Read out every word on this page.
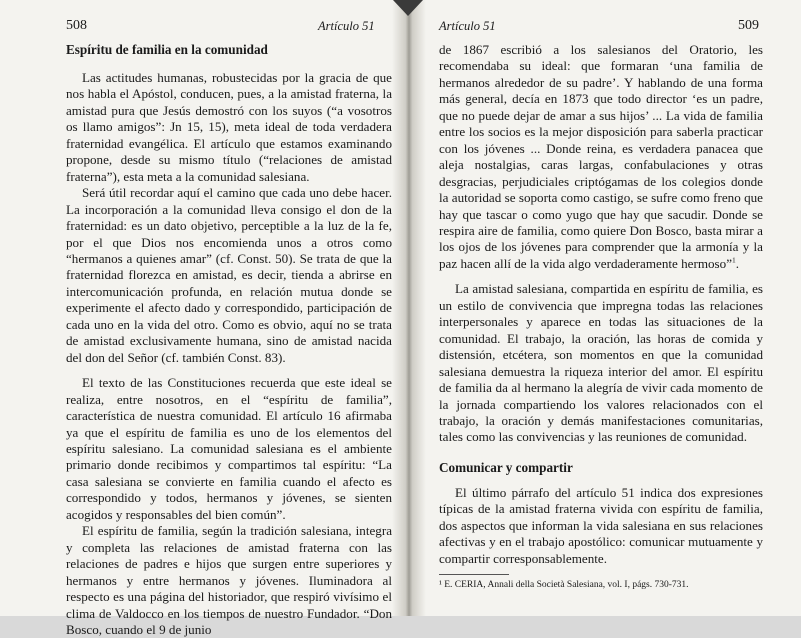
508	Artículo 51
Espíritu de familia en la comunidad

Las actitudes humanas, robustecidas por la gracia de que nos habla el Apóstol, conducen, pues, a la amistad fraterna, la amistad pura que Jesús demostró con los suyos (“a vosotros os llamo amigos”: Jn 15, 15), meta ideal de toda verdadera fraternidad evangélica. El artículo que estamos examinando propone, desde su mismo título (“relaciones de amistad fraterna”), esta meta a la comunidad salesiana.

Será útil recordar aquí el camino que cada uno debe hacer. La incorporación a la comunidad lleva consigo el don de la fraternidad: es un dato objetivo, perceptible a la luz de la fe, por el que Dios nos encomienda unos a otros como “hermanos a quienes amar” (cf. Const. 50). Se trata de que la fraternidad florezca en amistad, es decir, tienda a abrirse en intercomunicación profunda, en relación mutua donde se experimente el afecto dado y correspondido, participación de cada uno en la vida del otro. Como es obvio, aquí no se trata de amistad exclusivamente humana, sino de amistad nacida del don del Señor (cf. también Const. 83).

El texto de las Constituciones recuerda que este ideal se realiza, entre nosotros, en el “espíritu de familia”, característica de nuestra comunidad. El artículo 16 afirmaba ya que el espíritu de familia es uno de los elementos del espíritu salesiano. La comunidad salesiana es el ambiente primario donde recibimos y compartimos tal espíritu: “La casa salesiana se convierte en familia cuando el afecto es correspondido y todos, hermanos y jóvenes, se sienten acogidos y responsables del bien común”.

El espíritu de familia, según la tradición salesiana, integra y completa las relaciones de amistad fraterna con las relaciones de padres e hijos que surgen entre superiores y hermanos y entre hermanos y jóvenes. Iluminadora al respecto es una página del historiador, que respiró vivísimo el clima de Valdocco en los tiempos de nuestro Fundador. “Don Bosco, cuando el 9 de junio

Artículo 51	509

de 1867 escribió a los salesianos del Oratorio, les recomendaba su ideal: que formaran ‘una familia de hermanos alrededor de su padre’. Y hablando de una forma más general, decía en 1873 que todo director ‘es un padre, que no puede dejar de amar a sus hijos’ ... La vida de familia entre los socios es la mejor disposición para saberla practicar con los jóvenes ... Donde reina, es verdadera panacea que aleja nostalgias, caras largas, confabulaciones y otras desgracias, perjudiciales criptógamas de los colegios donde la autoridad se soporta como castigo, se sufre como freno que hay que tascar o como yugo que hay que sacudir. Donde se respira aire de familia, como quiere Don Bosco, basta mirar a los ojos de los jóvenes para comprender que la armonía y la paz hacen allí de la vida algo verdaderamente hermoso”$^1$.

La amistad salesiana, compartida en espíritu de familia, es un estilo de convivencia que impregna todas las relaciones interpersonales y aparece en todas las situaciones de la comunidad. El trabajo, la oración, las horas de comida y distensión, etcétera, son momentos en que la comunidad salesiana demuestra la riqueza interior del amor. El espíritu de familia da al hermano la alegría de vivir cada momento de la jornada compartiendo los valores relacionados con el trabajo, la oración y demás manifestaciones comunitarias, tales como las convivencias y las reuniones de comunidad.

Comunicar y compartir

El último párrafo del artículo 51 indica dos expresiones típicas de la amistad fraterna vivida con espíritu de familia, dos aspectos que informan la vida salesiana en sus relaciones afectivas y en el trabajo apostólico: comunicar mutuamente y compartir corresponsablemente.

¹ E. CERIA, Annali della Società Salesiana, vol. I, págs. 730-731.
